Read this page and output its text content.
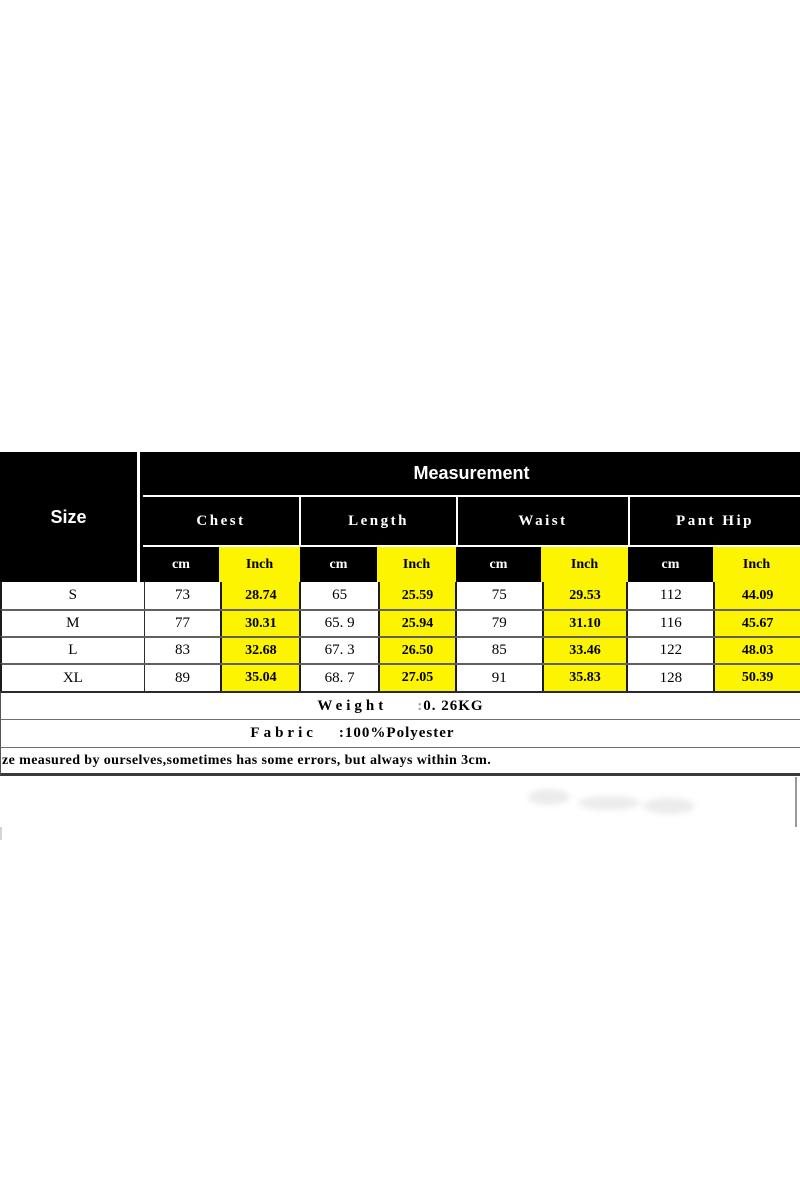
Size
Measurement
Chest	Length	Waist	Pant Hip
cm	Inch	cm	Inch	cm	Inch	cm	Inch
S	73	28.74	65	25.59	75	29.53	112	44.09
M	77	30.31	65. 9	25.94	79	31.10	116	45.67
L	83	32.68	67. 3	26.50	85	33.46	122	48.03
XL	89	35.04	68. 7	27.05	91	35.83	128	50.39
Weight :0. 26KG
Fabric :100%Polyester
ze measured by ourselves,sometimes has some errors, but always within 3cm.
